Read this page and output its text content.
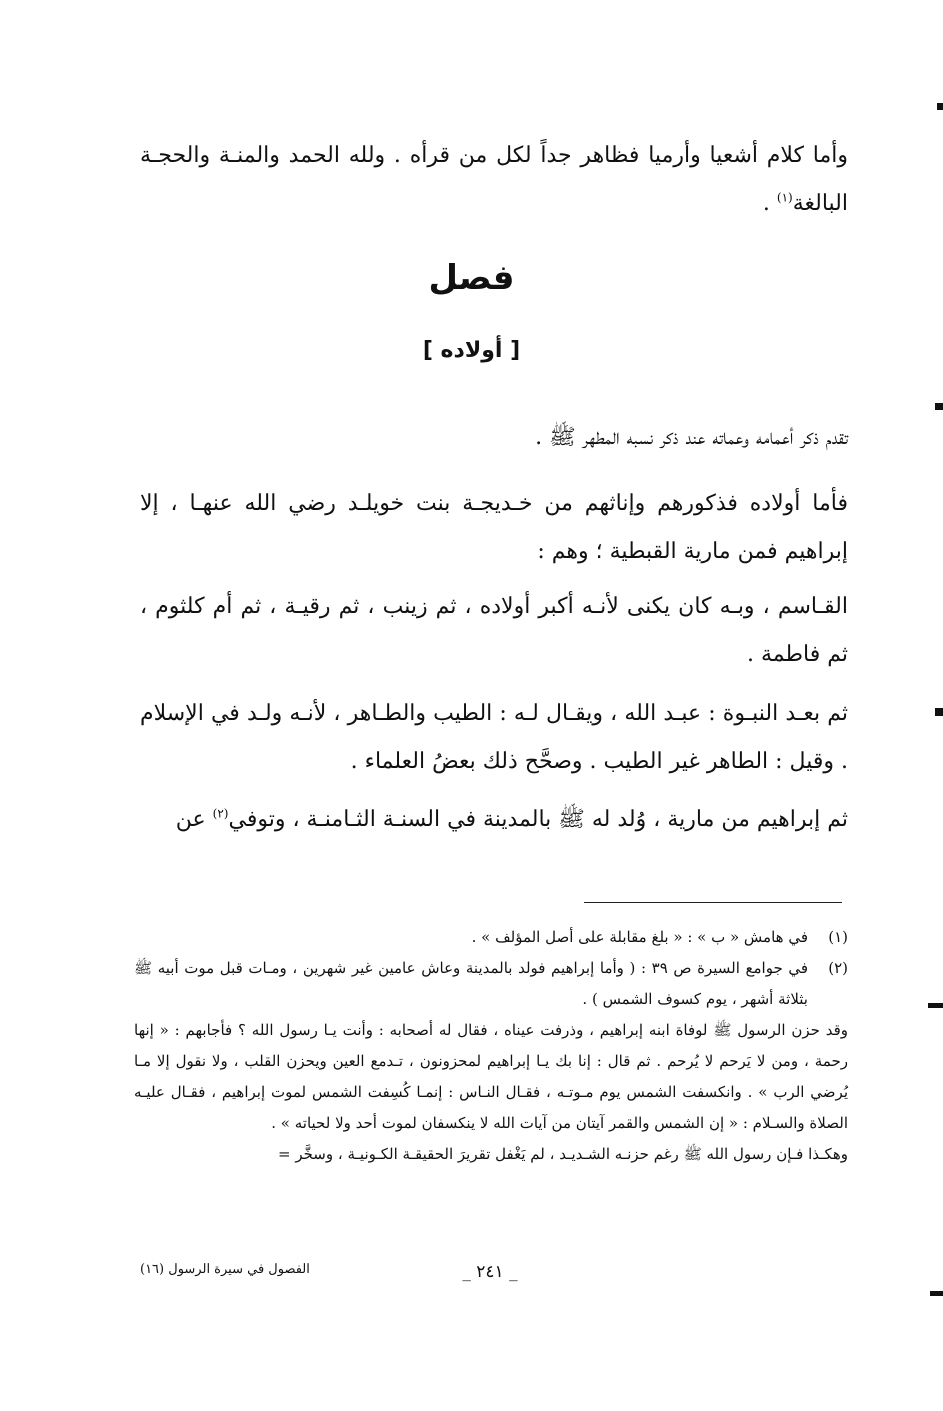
وأما كلام أشعيا وأرميا فظاهر جداً لكل من قرأه . ولله الحمد والمنـة والحجـة البالغة$^{(١)}$ .
فصل
[ أولاده ]
تقدم ذكر أعمامه وعماته عند ذكر نسبه المطهر ﷺ .
فأما أولاده فذكورهم وإناثهم من خـديجـة بنت خويلـد رضي الله عنهـا ، إلا إبراهيم فمن مارية القبطية ؛ وهم :
القـاسم ، وبـه كان يكنى لأنـه أكبر أولاده ، ثم زينب ، ثم رقيـة ، ثم أم كلثوم ، ثم فاطمة .
ثم بعـد النبـوة : عبـد الله ، ويقـال لـه : الطيب والطـاهر ، لأنـه ولـد في الإسلام . وقيل : الطاهر غير الطيب . وصحَّح ذلك بعضُ العلماء .
ثم إبراهيم من مارية ، وُلد له ﷺ بالمدينة في السنـة الثـامنـة ، وتوفي$^{(٢)}$ عن
(١)
في هامش « ب » : « بلغ مقابلة على أصل المؤلف » .
(٢)
في جوامع السيرة ص ٣٩ : ( وأما إبراهيم فولد بالمدينة وعاش عامين غير شهرين ، ومـات قبل موت أبيه ﷺ بثلاثة أشهر ، يوم كسوف الشمس ) .
وقد حزن الرسول ﷺ لوفاة ابنه إبراهيم ، وذرفت عيناه ، فقال له أصحابه : وأنت يـا رسول الله ؟ فأجابهم : « إنها رحمة ، ومن لا يَرحم لا يُرحم . ثم قال : إنا بك يـا إبراهيم لمحزونون ، تـدمع العين ويحزن القلب ، ولا نقول إلا مـا يُرضي الرب » . وانكسفت الشمس يوم مـوتـه ، فقـال النـاس : إنمـا كُسِفت الشمس لموت إبراهيم ، فقـال عليـه الصلاة والسـلام : « إن الشمس والقمر آيتان من آيات الله لا ينكسفان لموت أحد ولا لحياته » .
وهكـذا فـإن رسول الله ﷺ رغم حزنـه الشـديـد ، لم يَغْفل تقريرَ الحقيقـة الكـونيـة ، وسخَّر =
_ ٢٤١ _
الفصول في سيرة الرسول (١٦)
